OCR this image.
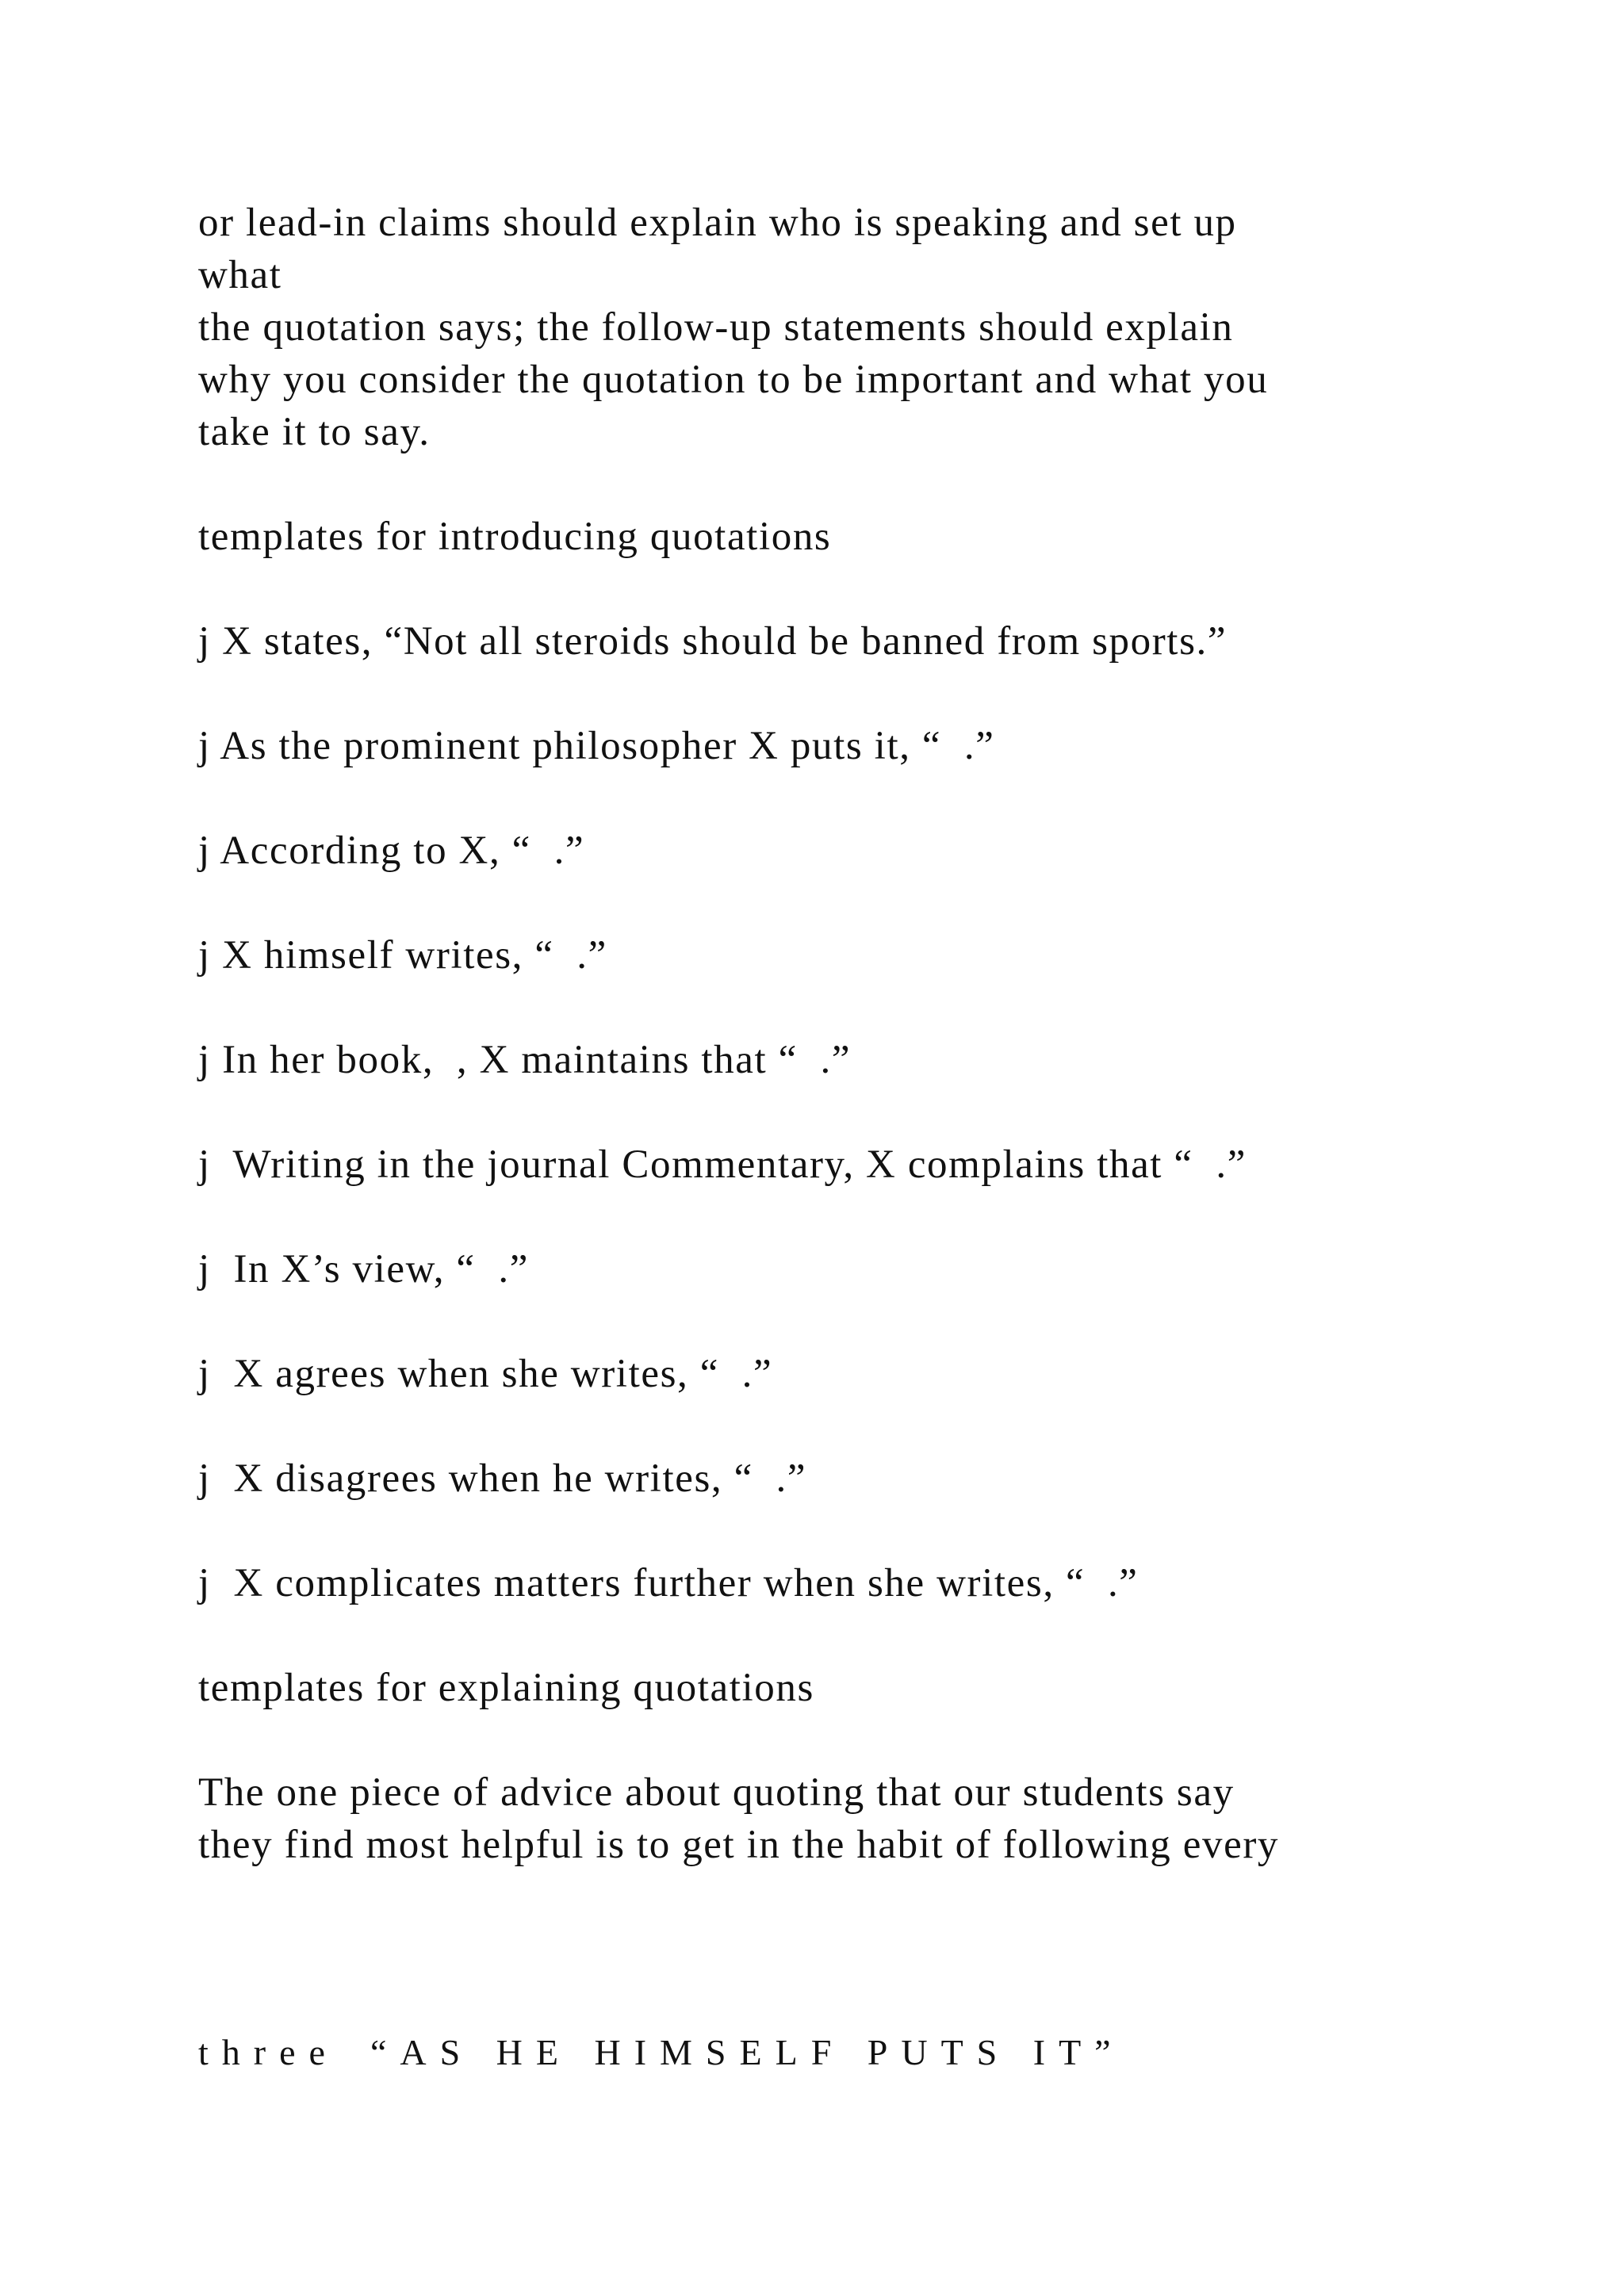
or lead-in claims should explain who is speaking and set up
what
the quotation says; the follow-up statements should explain
why you consider the quotation to be important and what you
take it to say.
templates for introducing quotations
j X states, “Not all steroids should be banned from sports.”
j As the prominent philosopher X puts it, “  .”
j According to X, “  .”
j X himself writes, “  .”
j In her book,  , X maintains that “  .”
j  Writing in the journal Commentary, X complains that “  .”
j  In X’s view, “  .”
j  X agrees when she writes, “  .”
j  X disagrees when he writes, “  .”
j  X complicates matters further when she writes, “  .”
templates for explaining quotations
The one piece of advice about quoting that our students say
they find most helpful is to get in the habit of following every
three “AS HE HIMSELF PUTS IT”
